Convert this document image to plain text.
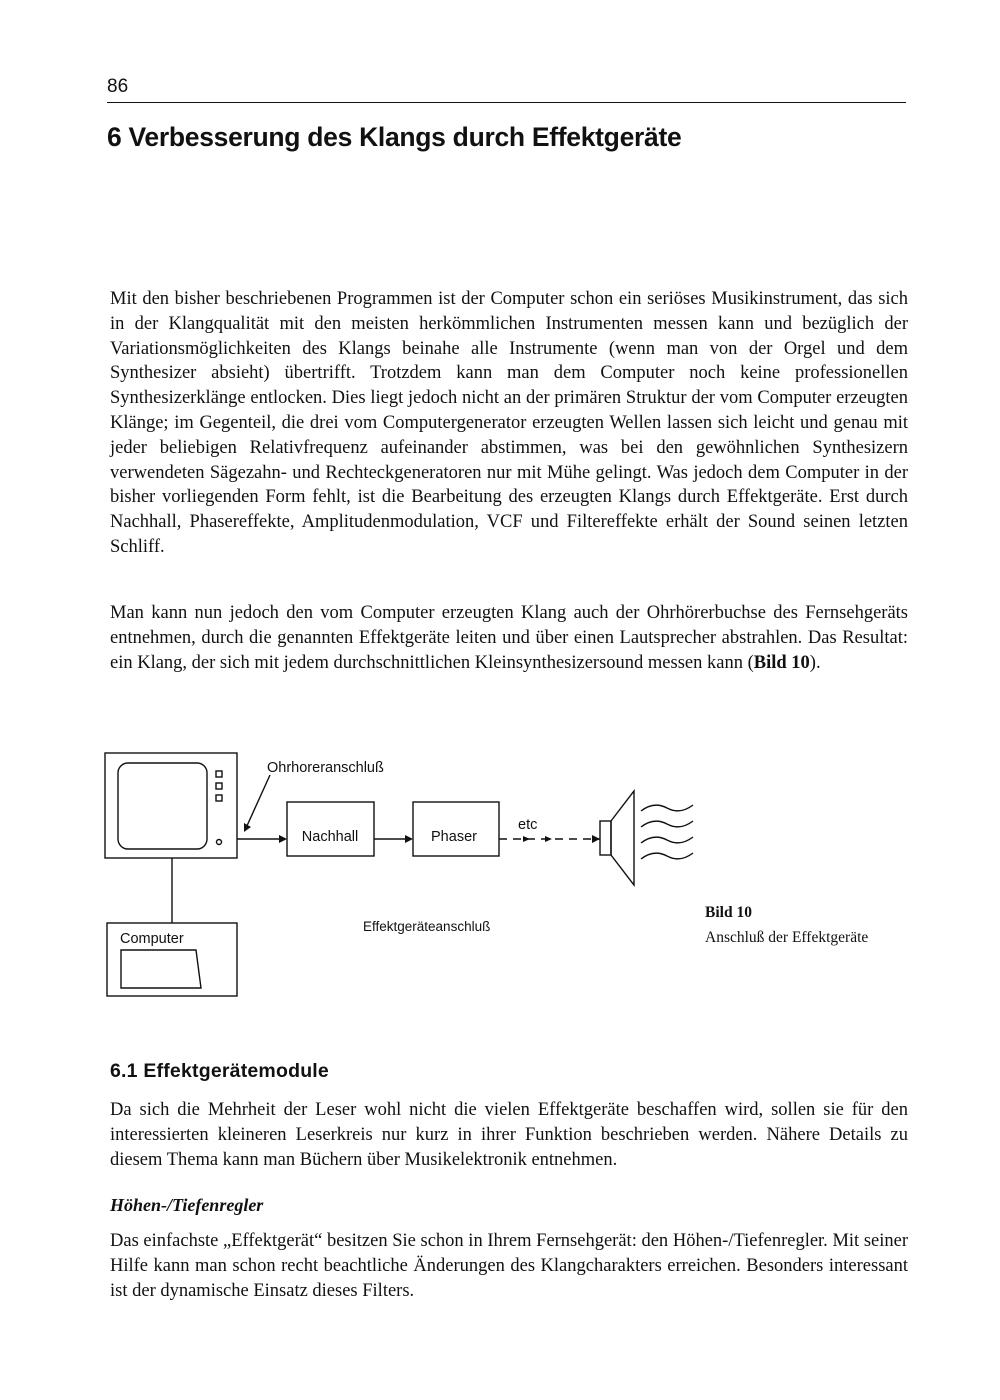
86
6 Verbesserung des Klangs durch Effektgeräte

Mit den bisher beschriebenen Programmen ist der Computer schon ein seriöses Musikinstrument, das sich in der Klangqualität mit den meisten herkömmlichen Instrumenten messen kann und bezüglich der Variationsmöglichkeiten des Klangs beinahe alle Instrumente (wenn man von der Orgel und dem Synthesizer absieht) übertrifft. Trotzdem kann man dem Computer noch keine professionellen Synthesizerklänge entlocken. Dies liegt jedoch nicht an der primären Struktur der vom Computer erzeugten Klänge; im Gegenteil, die drei vom Computergenerator erzeugten Wellen lassen sich leicht und genau mit jeder beliebigen Relativfrequenz aufeinander abstimmen, was bei den gewöhnlichen Synthesizern verwendeten Sägezahn- und Rechteckgeneratoren nur mit Mühe gelingt. Was jedoch dem Computer in der bisher vorliegenden Form fehlt, ist die Bearbeitung des erzeugten Klangs durch Effektgeräte. Erst durch Nachhall, Phasereffekte, Amplitudenmodulation, VCF und Filtereffekte erhält der Sound seinen letzten Schliff.

Man kann nun jedoch den vom Computer erzeugten Klang auch der Ohrhörerbuchse des Fernsehgeräts entnehmen, durch die genannten Effektgeräte leiten und über einen Lautsprecher abstrahlen. Das Resultat: ein Klang, der sich mit jedem durchschnittlichen Kleinsynthesizersound messen kann (Bild 10).

Ohrhoreranschluß
Nachhall	Phaser
etc
Effektgeräteanschluß
Computer
Bild 10
Anschluß der Effektgeräte
6.1 Effektgerätemodule

Da sich die Mehrheit der Leser wohl nicht die vielen Effektgeräte beschaffen wird, sollen sie für den interessierten kleineren Leserkreis nur kurz in ihrer Funktion beschrieben werden. Nähere Details zu diesem Thema kann man Büchern über Musikelektronik entnehmen.

Höhen-/Tiefenregler

Das einfachste „Effektgerät“ besitzen Sie schon in Ihrem Fernsehgerät: den Höhen-/Tiefenregler. Mit seiner Hilfe kann man schon recht beachtliche Änderungen des Klangcharakters erreichen. Besonders interessant ist der dynamische Einsatz dieses Filters.
